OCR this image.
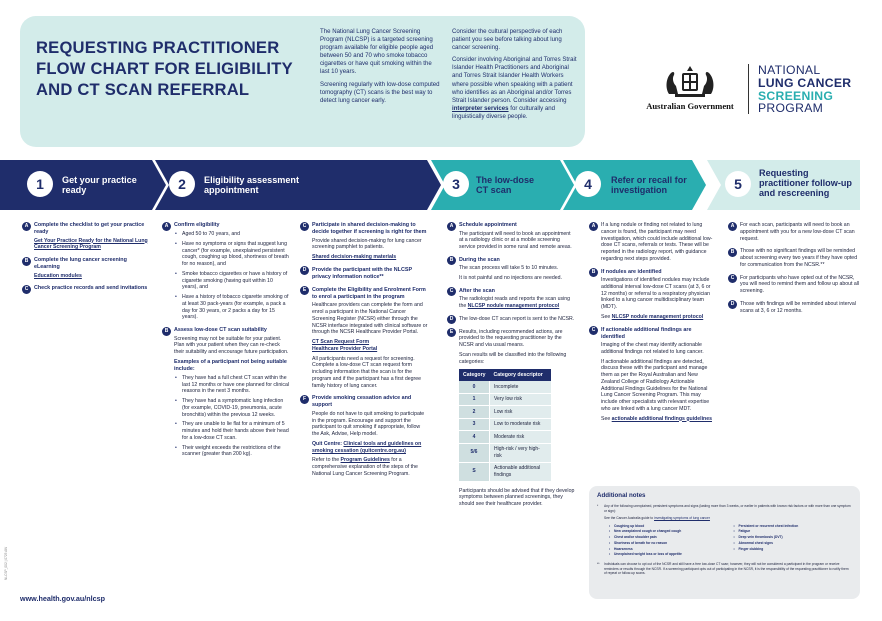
REQUESTING PRACTITIONER FLOW CHART FOR ELIGIBILITY AND CT SCAN REFERRAL

The National Lung Cancer Screening Program (NLCSP) is a targeted screening program available for eligible people aged between 50 and 70 who smoke tobacco cigarettes or have quit smoking within the last 10 years.

Screening regularly with low-dose computed tomography (CT) scans is the best way to detect lung cancer early.

Consider the cultural perspective of each patient you see before talking about lung cancer screening.

Consider involving Aboriginal and Torres Strait Islander Health Practitioners and Aboriginal and Torres Strait Islander Health Workers where possible when speaking with a patient who identifies as an Aboriginal and/or Torres Strait Islander person. Consider accessing interpreter services for culturally and linguistically diverse people.

Australian Government
NATIONAL
LUNG CANCER
SCREENING
PROGRAM
1	Get your practice ready	2	Eligibility assessment appointment	3	The low-dose CT scan	4	Refer or recall for investigation	5
Requesting practitioner follow-up and rescreening
A	Complete the checklist to get your practice ready
Get Your Practice Ready for the National Lung Cancer Screening Program
B	Complete the lung cancer screening eLearning
Education modules
C	Check practice records and send invitations
A	Confirm eligibility
• Aged 50 to 70 years, and
• Have no symptoms or signs that suggest lung cancer* (for example, unexplained persistent cough, coughing up blood, shortness of breath for no reason), and
• Smoke tobacco cigarettes or have a history of cigarette smoking (having quit within 10 years), and
• Have a history of tobacco cigarette smoking of at least 30 pack-years (for example, a pack a day for 30 years, or 2 packs a day for 15 years).
B	Assess low-dose CT scan suitability
Screening may not be suitable for your patient. Plan with your patient when they can re-check their suitability and encourage future participation.
Examples of a participant not being suitable include:
• They have had a full chest CT scan within the last 12 months or have one planned for clinical reasons in the next 3 months.
• They have had a symptomatic lung infection (for example, COVID-19, pneumonia, acute bronchitis) within the previous 12 weeks.
• They are unable to lie flat for a minimum of 5 minutes and hold their hands above their head for a low-dose CT scan.
• Their weight exceeds the restrictions of the scanner (greater than 200 kg).
C	Participate in shared decision-making to decide together if screening is right for them
Provide shared decision-making for lung cancer screening pamphlet to patients.
Shared decision-making materials
D	Provide the participant with the NLCSP privacy information notice**
E	Complete the Eligibility and Enrolment Form to enrol a participant in the program
Healthcare providers can complete the form and enrol a participant in the National Cancer Screening Register (NCSR) either through the NCSR interface integrated with clinical software or through the NCSR Healthcare Provider Portal.
CT Scan Request Form
Healthcare Provider Portal
All participants need a request for screening. Complete a low-dose CT scan request form including information that the scan is for the program and if the participant has a first degree family history of lung cancer.
F	Provide smoking cessation advice and support
People do not have to quit smoking to participate in the program. Encourage and support the participant to quit smoking if appropriate, follow the Ask, Advise, Help model.
Quit Centre: Clinical tools and guidelines on smoking cessation (quitcentre.org.au)
Refer to the Program Guidelines for a comprehensive explanation of the steps of the National Lung Cancer Screening Program.
A	Schedule appointment
The participant will need to book an appointment at a radiology clinic or at a mobile screening service provided in some rural and remote areas.
B	During the scan
The scan process will take 5 to 10 minutes.
It is not painful and no injections are needed.
C	After the scan
The radiologist reads and reports the scan using the NLCSP nodule management protocol
D	The low-dose CT scan report is sent to the NCSR.
E	Results, including recommended actions, are provided to the requesting practitioner by the NCSR and via usual means.
Scan results will be classified into the following categories:
Category	Category descriptor
0	Incomplete
1	Very low risk
2	Low risk
3	Low to moderate risk
4	Moderate risk
5/6	High-risk / very high-risk
S	Actionable additional findings
Participants should be advised that if they develop symptoms between planned screenings, they should see their healthcare provider.
A	If a lung nodule or finding not related to lung cancer is found, the participant may need investigation, which could include additional low-dose CT scans, referrals or tests. These will be reported in the radiology report, with guidance regarding next steps provided.
B	If nodules are identified
Investigations of identified nodules may include additional interval low-dose CT scans (at 3, 6 or 12 months) or referral to a respiratory physician linked to a lung cancer multidisciplinary team (MDT).
See NLCSP nodule management protocol
C	If actionable additional findings are identified
Imaging of the chest may identify actionable additional findings not related to lung cancer.
If actionable additional findings are detected, discuss these with the participant and manage them as per the Royal Australian and New Zealand College of Radiology Actionable Additional Findings Guidelines for the National Lung Cancer Screening Program. This may include other specialists with relevant expertise who are linked with a lung cancer MDT.
See actionable additional findings guidelines
A	For each scan, participants will need to book an appointment with you for a new low-dose CT scan request.
B	Those with no significant findings will be reminded about screening every two years if they have opted for communication from the NCSR.**
C	For participants who have opted out of the NCSR, you will need to remind them and follow up about all screening.
D	Those with findings will be reminded about interval scans at 3, 6 or 12 months.
Additional notes

* Any of the following unexplained, persistent symptoms and signs (lasting more than 3 weeks, or earlier in patients with known risk factors or with more than one symptom or sign):

See the Cancer Australia guide to investigating symptoms of lung cancer

• Coughing up blood	• Persistent or recurrent chest infection
• New unexplained cough or changed cough	• Fatigue
• Chest and/or shoulder pain	• Deep vein thrombosis (DVT)
• Shortness of breath for no reason	• Abnormal chest signs
• Hoarseness	• Finger clubbing
• Unexplained weight loss or loss of appetite

** Individuals can choose to opt out of the NCSR and still have a free low-dose CT scan; however, they will not be considered a participant in the program or receive reminders or results through the NCSR. If a screening participant opts out of participating in the NCSR, it is the responsibility of the requesting practitioner to notify them of repeat or follow-up scans.

www.health.gov.au/nlcsp
NLCSP_002 | 0725 AW
